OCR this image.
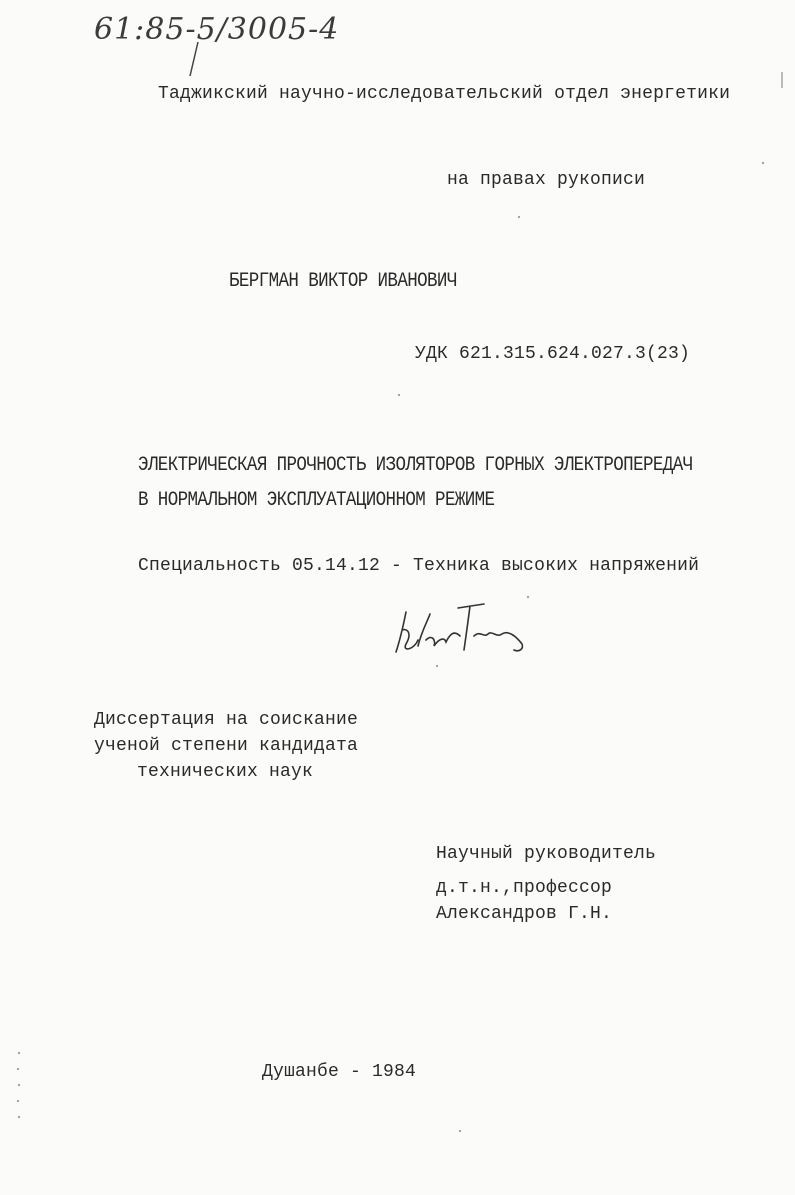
61:85-5/3005-4
Таджикский научно-исследовательский отдел энергетики
на правах рукописи
БЕРГМАН ВИКТОР ИВАНОВИЧ
УДК 621.315.624.027.3(23)
ЭЛЕКТРИЧЕСКАЯ ПРОЧНОСТЬ ИЗОЛЯТОРОВ ГОРНЫХ ЭЛЕКТРОПЕРЕДАЧ
В НОРМАЛЬНОМ ЭКСПЛУАТАЦИОННОМ РЕЖИМЕ
Специальность 05.14.12 - Техника высоких напряжений
Диссертация на соискание
ученой степени кандидата
технических наук
Научный руководитель
д.т.н.,профессор
Александров Г.Н.
Душанбе - 1984
